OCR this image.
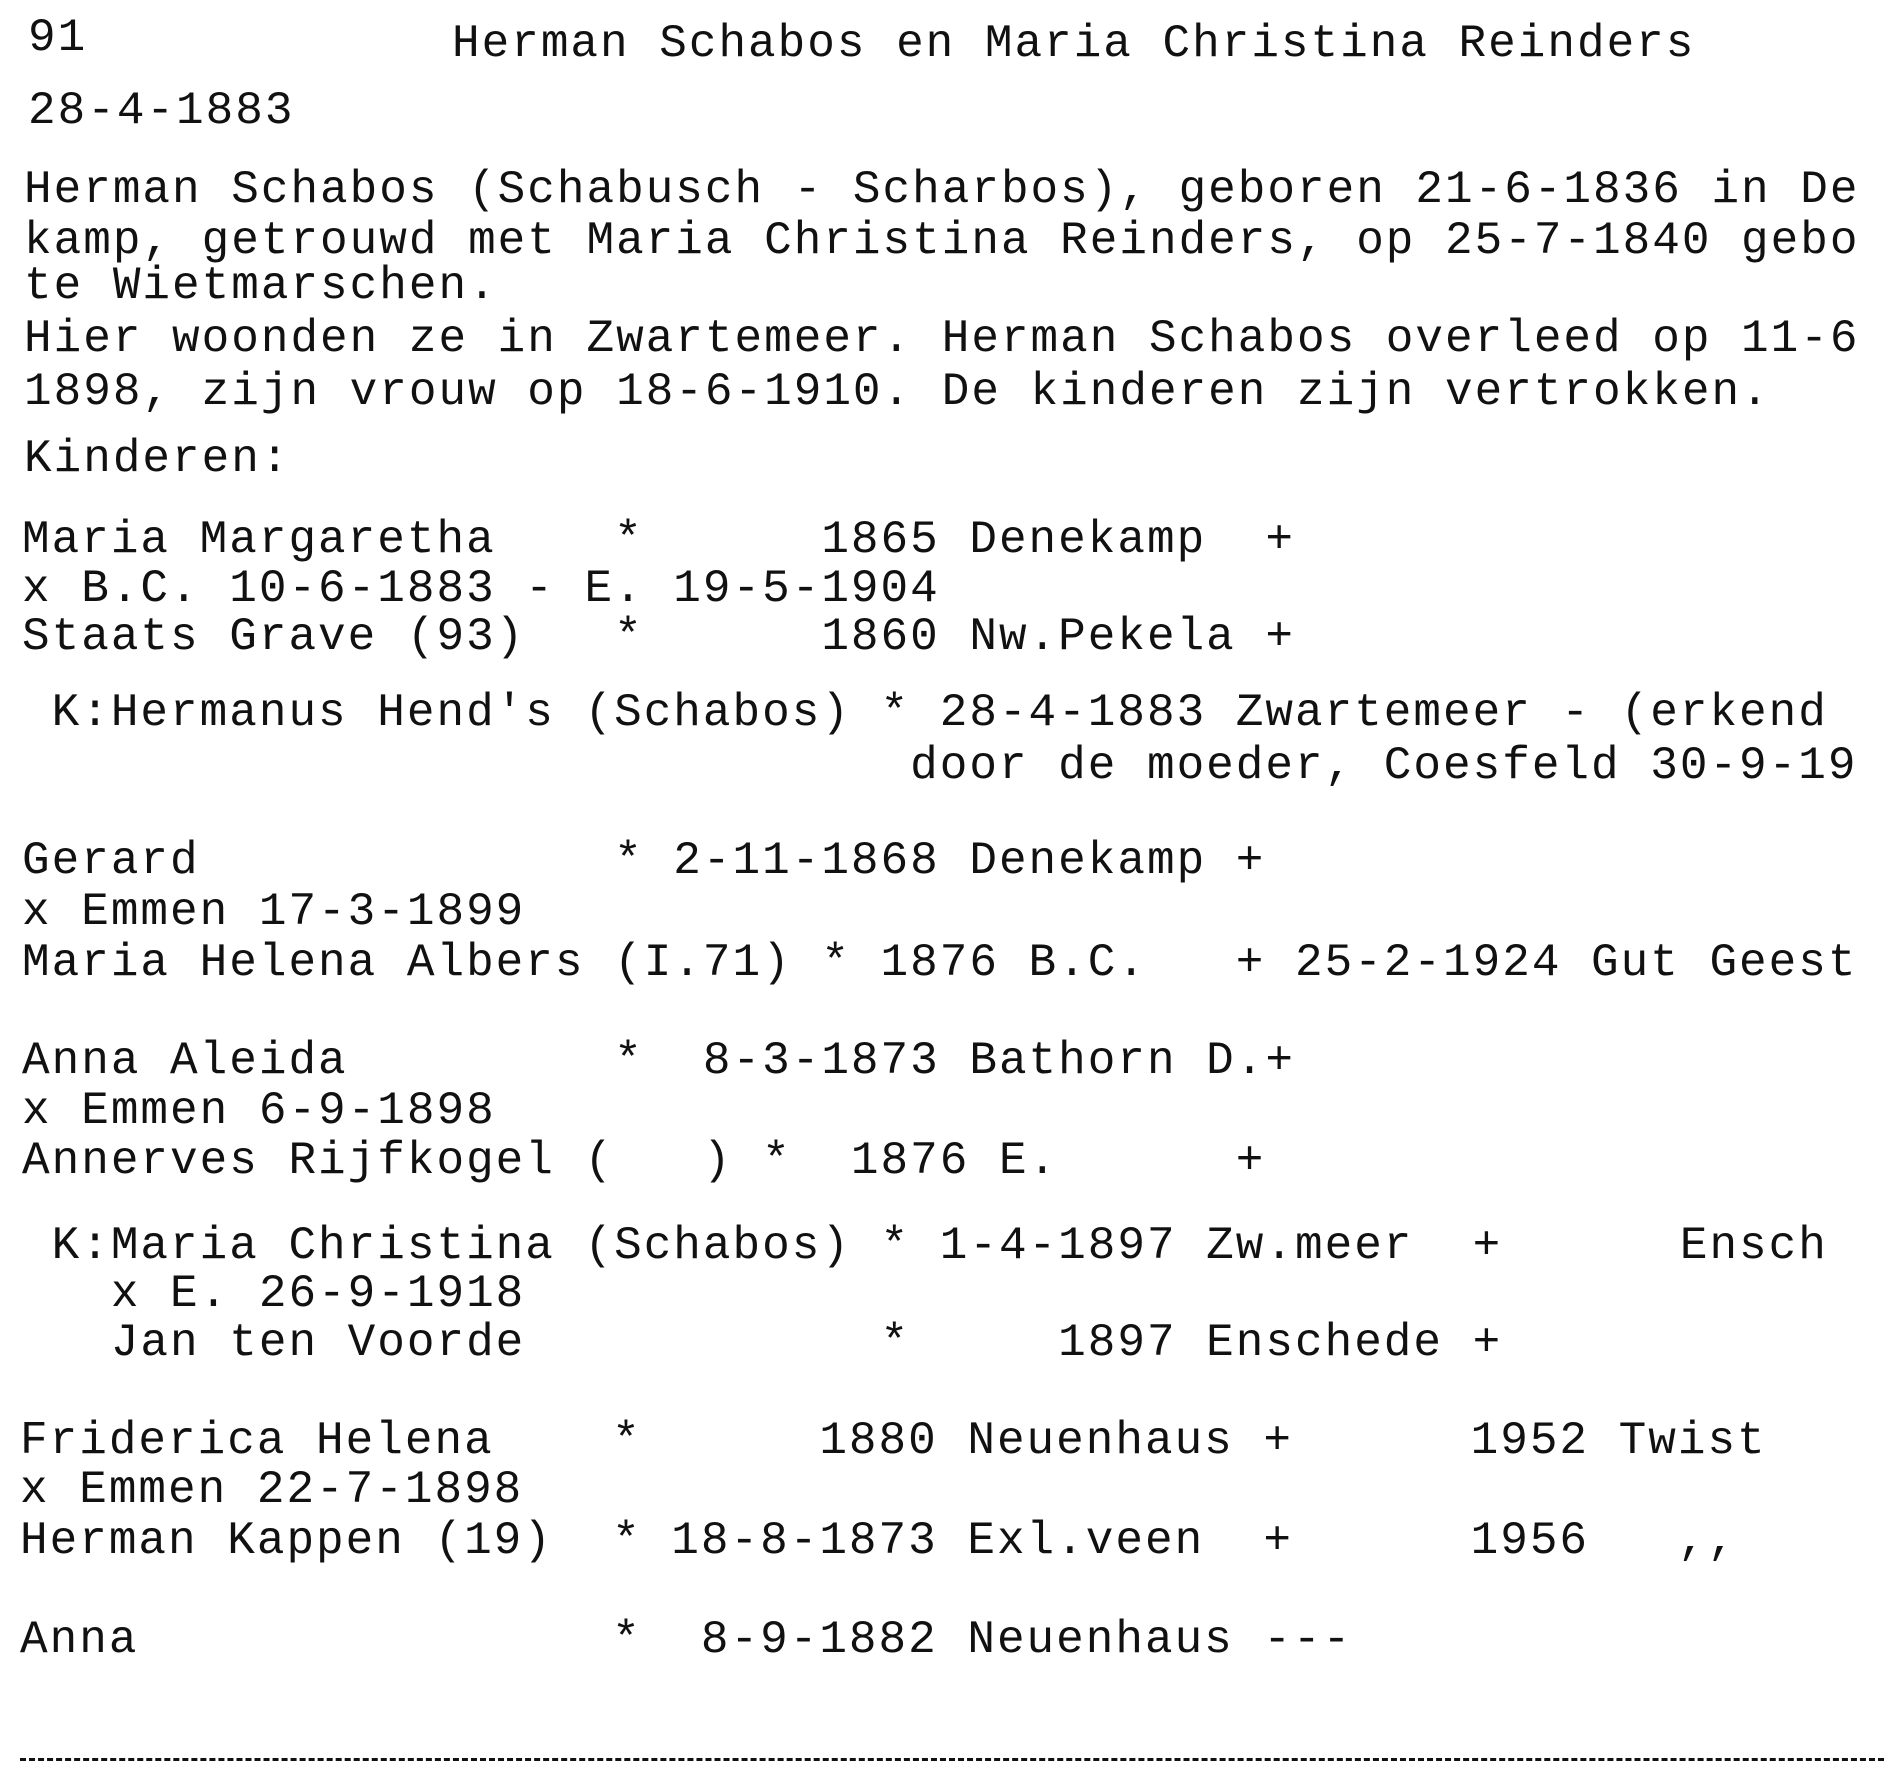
91	Herman Schabos en Maria Christina Reinders
28-4-1883
Herman Schabos (Schabusch - Scharbos), geboren 21-6-1836 in De
kamp, getrouwd met Maria Christina Reinders, op 25-7-1840 gebo
te Wietmarschen.
Hier woonden ze in Zwartemeer. Herman Schabos overleed op 11-6
1898, zijn vrouw op 18-6-1910. De kinderen zijn vertrokken.
Kinderen:
Maria Margaretha    *      1865 Denekamp  +
x B.C. 10-6-1883 - E. 19-5-1904
Staats Grave (93)   *      1860 Nw.Pekela +
K:Hermanus Hend's (Schabos) * 28-4-1883 Zwartemeer - (erkend
door de moeder, Coesfeld 30-9-19
Gerard              * 2-11-1868 Denekamp +
x Emmen 17-3-1899
Maria Helena Albers (I.71) * 1876 B.C.   + 25-2-1924 Gut Geest
Anna Aleida         *  8-3-1873 Bathorn D.+
x Emmen 6-9-1898
Annerves Rijfkogel (   ) *  1876 E.      +
K:Maria Christina (Schabos) * 1-4-1897 Zw.meer  +      Ensch
x E. 26-9-1918
Jan ten Voorde            *     1897 Enschede +
Friderica Helena    *      1880 Neuenhaus +      1952 Twist
x Emmen 22-7-1898
Herman Kappen (19)  * 18-8-1873 Exl.veen  +      1956   ,,
Anna                *  8-9-1882 Neuenhaus ---
